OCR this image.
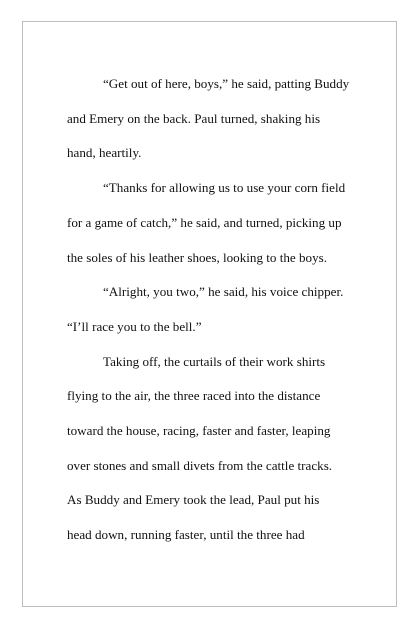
“Get out of here, boys,” he said, patting Buddy
and Emery on the back. Paul turned, shaking his
hand, heartily.
“Thanks for allowing us to use your corn field
for a game of catch,” he said, and turned, picking up
the soles of his leather shoes, looking to the boys.
“Alright, you two,” he said, his voice chipper.
“I’ll race you to the bell.”
Taking off, the curtails of their work shirts
flying to the air, the three raced into the distance
toward the house, racing, faster and faster, leaping
over stones and small divets from the cattle tracks.
As Buddy and Emery took the lead, Paul put his
head down, running faster, until the three had
